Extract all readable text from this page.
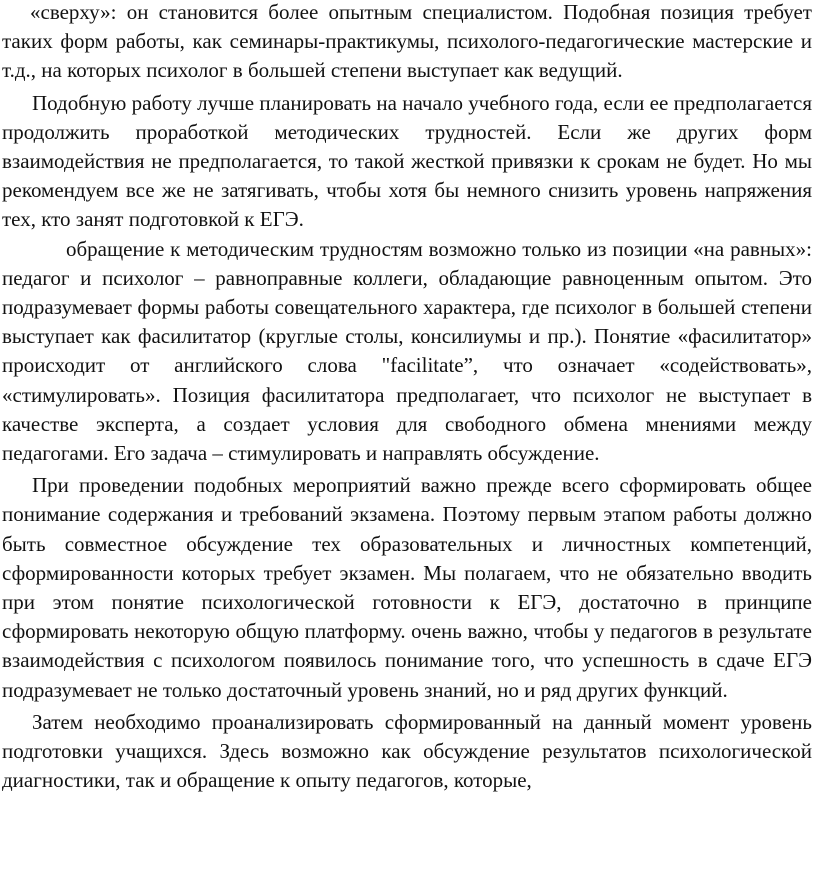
«сверху»: он становится более опытным специалистом. Подобная позиция требует таких форм работы, как семинары-практикумы, психолого-педагогические мастерские и т.д., на которых психолог в большей степени выступает как ведущий.

Подобную работу лучше планировать на начало учебного года, если ее предполагается продолжить проработкой методических трудностей. Если же других форм взаимодействия не предполагается, то такой жесткой привязки к срокам не будет. Но мы рекомендуем все же не затягивать, чтобы хотя бы немного снизить уровень напряжения тех, кто занят подготовкой к ЕГЭ.

обращение к методическим трудностям возможно только из позиции «на равных»: педагог и психолог – равноправные коллеги, обладающие равноценным опытом. Это подразумевает формы работы совещательного характера, где психолог в большей степени выступает как фасилитатор (круглые столы, консилиумы и пр.). Понятие «фасилитатор» происходит от английского слова "facilitate”, что означает «содействовать», «стимулировать». Позиция фасилитатора предполагает, что психолог не выступает в качестве эксперта, а создает условия для свободного обмена мнениями между педагогами. Его задача – стимулировать и направлять обсуждение.

При проведении подобных мероприятий важно прежде всего сформировать общее понимание содержания и требований экзамена. Поэтому первым этапом работы должно быть совместное обсуждение тех образовательных и личностных компетенций, сформированности которых требует экзамен. Мы полагаем, что не обязательно вводить при этом понятие психологической готовности к ЕГЭ, достаточно в принципе сформировать некоторую общую платформу. очень важно, чтобы у педагогов в результате взаимодействия с психологом появилось понимание того, что успешность в сдаче ЕГЭ подразумевает не только достаточный уровень знаний, но и ряд других функций.

Затем необходимо проанализировать сформированный на данный момент уровень подготовки учащихся. Здесь возможно как обсуждение результатов психологической диагностики, так и обращение к опыту педагогов, которые,
